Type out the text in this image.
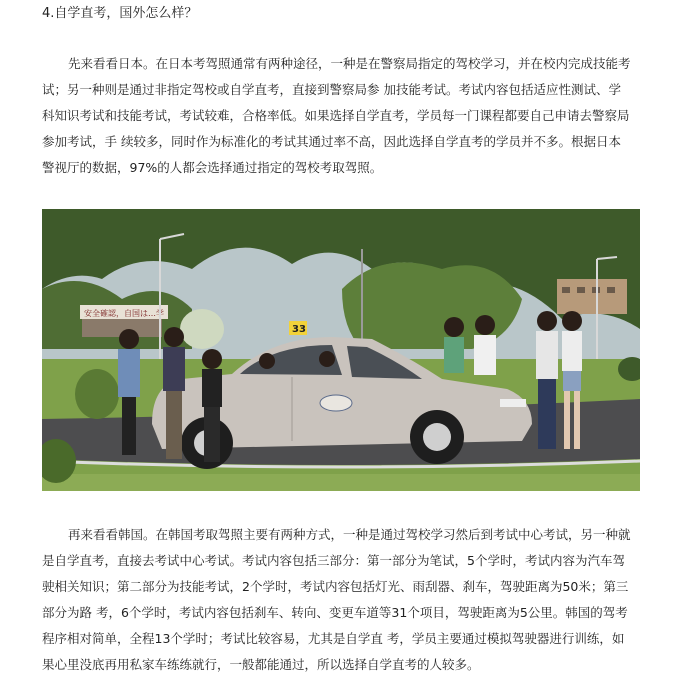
4.自学直考，国外怎么样？
先来看看日本。在日本考驾照通常有两种途径，一种是在警察局指定的驾校学习，并在校内完成技能考
试；另一种则是通过非指定驾校或自学直考，直接到警察局参 加技能考试。考试内容包括适应性测试、学
科知识考试和技能考试，考试较难，合格率低。如果选择自学直考，学员每一门课程都要自己申请去警察局
参加考试，手 续较多，同时作为标准化的考试其通过率不高，因此选择自学直考的学员并不多。根据日本
警视厅的数据，97%的人都会选择通过指定的驾校考取驾照。
安全確認，自国は…学
33
再来看看韩国。在韩国考取驾照主要有两种方式，一种是通过驾校学习然后到考试中心考试，另一种就
是自学直考，直接去考试中心考试。考试内容包括三部分：第一部分为笔试，5个学时，考试内容为汽车驾
驶相关知识；第二部分为技能考试，2个学时，考试内容包括灯光、雨刮器、刹车，驾驶距离为50米；第三
部分为路 考，6个学时，考试内容包括刹车、转向、变更车道等31个项目，驾驶距离为5公里。韩国的驾考
程序相对简单，全程13个学时；考试比较容易，尤其是自学直 考，学员主要通过模拟驾驶器进行训练，如
果心里没底再用私家车练练就行，一般都能通过，所以选择自学直考的人较多。
